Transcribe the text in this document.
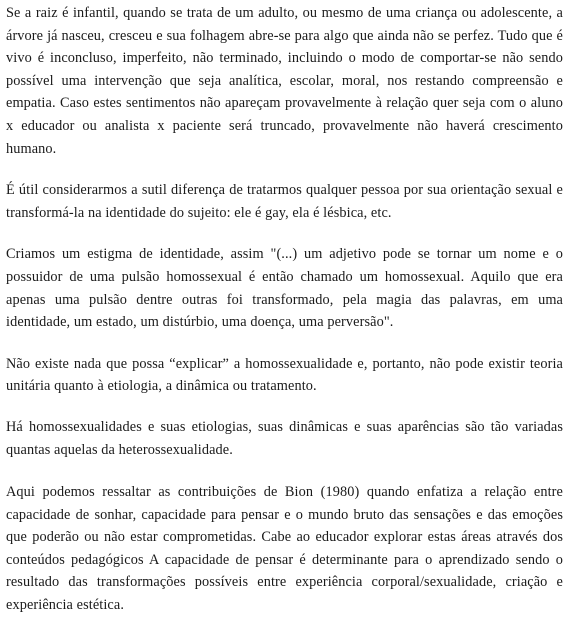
Se a raiz é infantil, quando se trata de um adulto, ou mesmo de uma criança ou adolescente, a árvore já nasceu, cresceu e sua folhagem abre-se para algo que ainda não se perfez. Tudo que é vivo é inconcluso, imperfeito, não terminado, incluindo o modo de comportar-se não sendo possível uma intervenção que seja analítica, escolar, moral, nos restando compreensão e empatia. Caso estes sentimentos não apareçam provavelmente à relação quer seja com o aluno x educador ou analista x paciente será truncado, provavelmente não haverá crescimento humano.

É útil considerarmos a sutil diferença de tratarmos qualquer pessoa por sua orientação sexual e transformá-la na identidade do sujeito: ele é gay, ela é lésbica, etc.

Criamos um estigma de identidade, assim "(...) um adjetivo pode se tornar um nome e o possuidor de uma pulsão homossexual é então chamado um homossexual. Aquilo que era apenas uma pulsão dentre outras foi transformado, pela magia das palavras, em uma identidade, um estado, um distúrbio, uma doença, uma perversão".

Não existe nada que possa “explicar” a homossexualidade e, portanto, não pode existir teoria unitária quanto à etiologia, a dinâmica ou tratamento.

Há homossexualidades e suas etiologias, suas dinâmicas e suas aparências são tão variadas quantas aquelas da heterossexualidade.

Aqui podemos ressaltar as contribuições de Bion (1980) quando enfatiza a relação entre capacidade de sonhar, capacidade para pensar e o mundo bruto das sensações e das emoções que poderão ou não estar comprometidas. Cabe ao educador explorar estas áreas através dos conteúdos pedagógicos A capacidade de pensar é determinante para o aprendizado sendo o resultado das transformações possíveis entre experiência corporal/sexualidade, criação e experiência estética.
